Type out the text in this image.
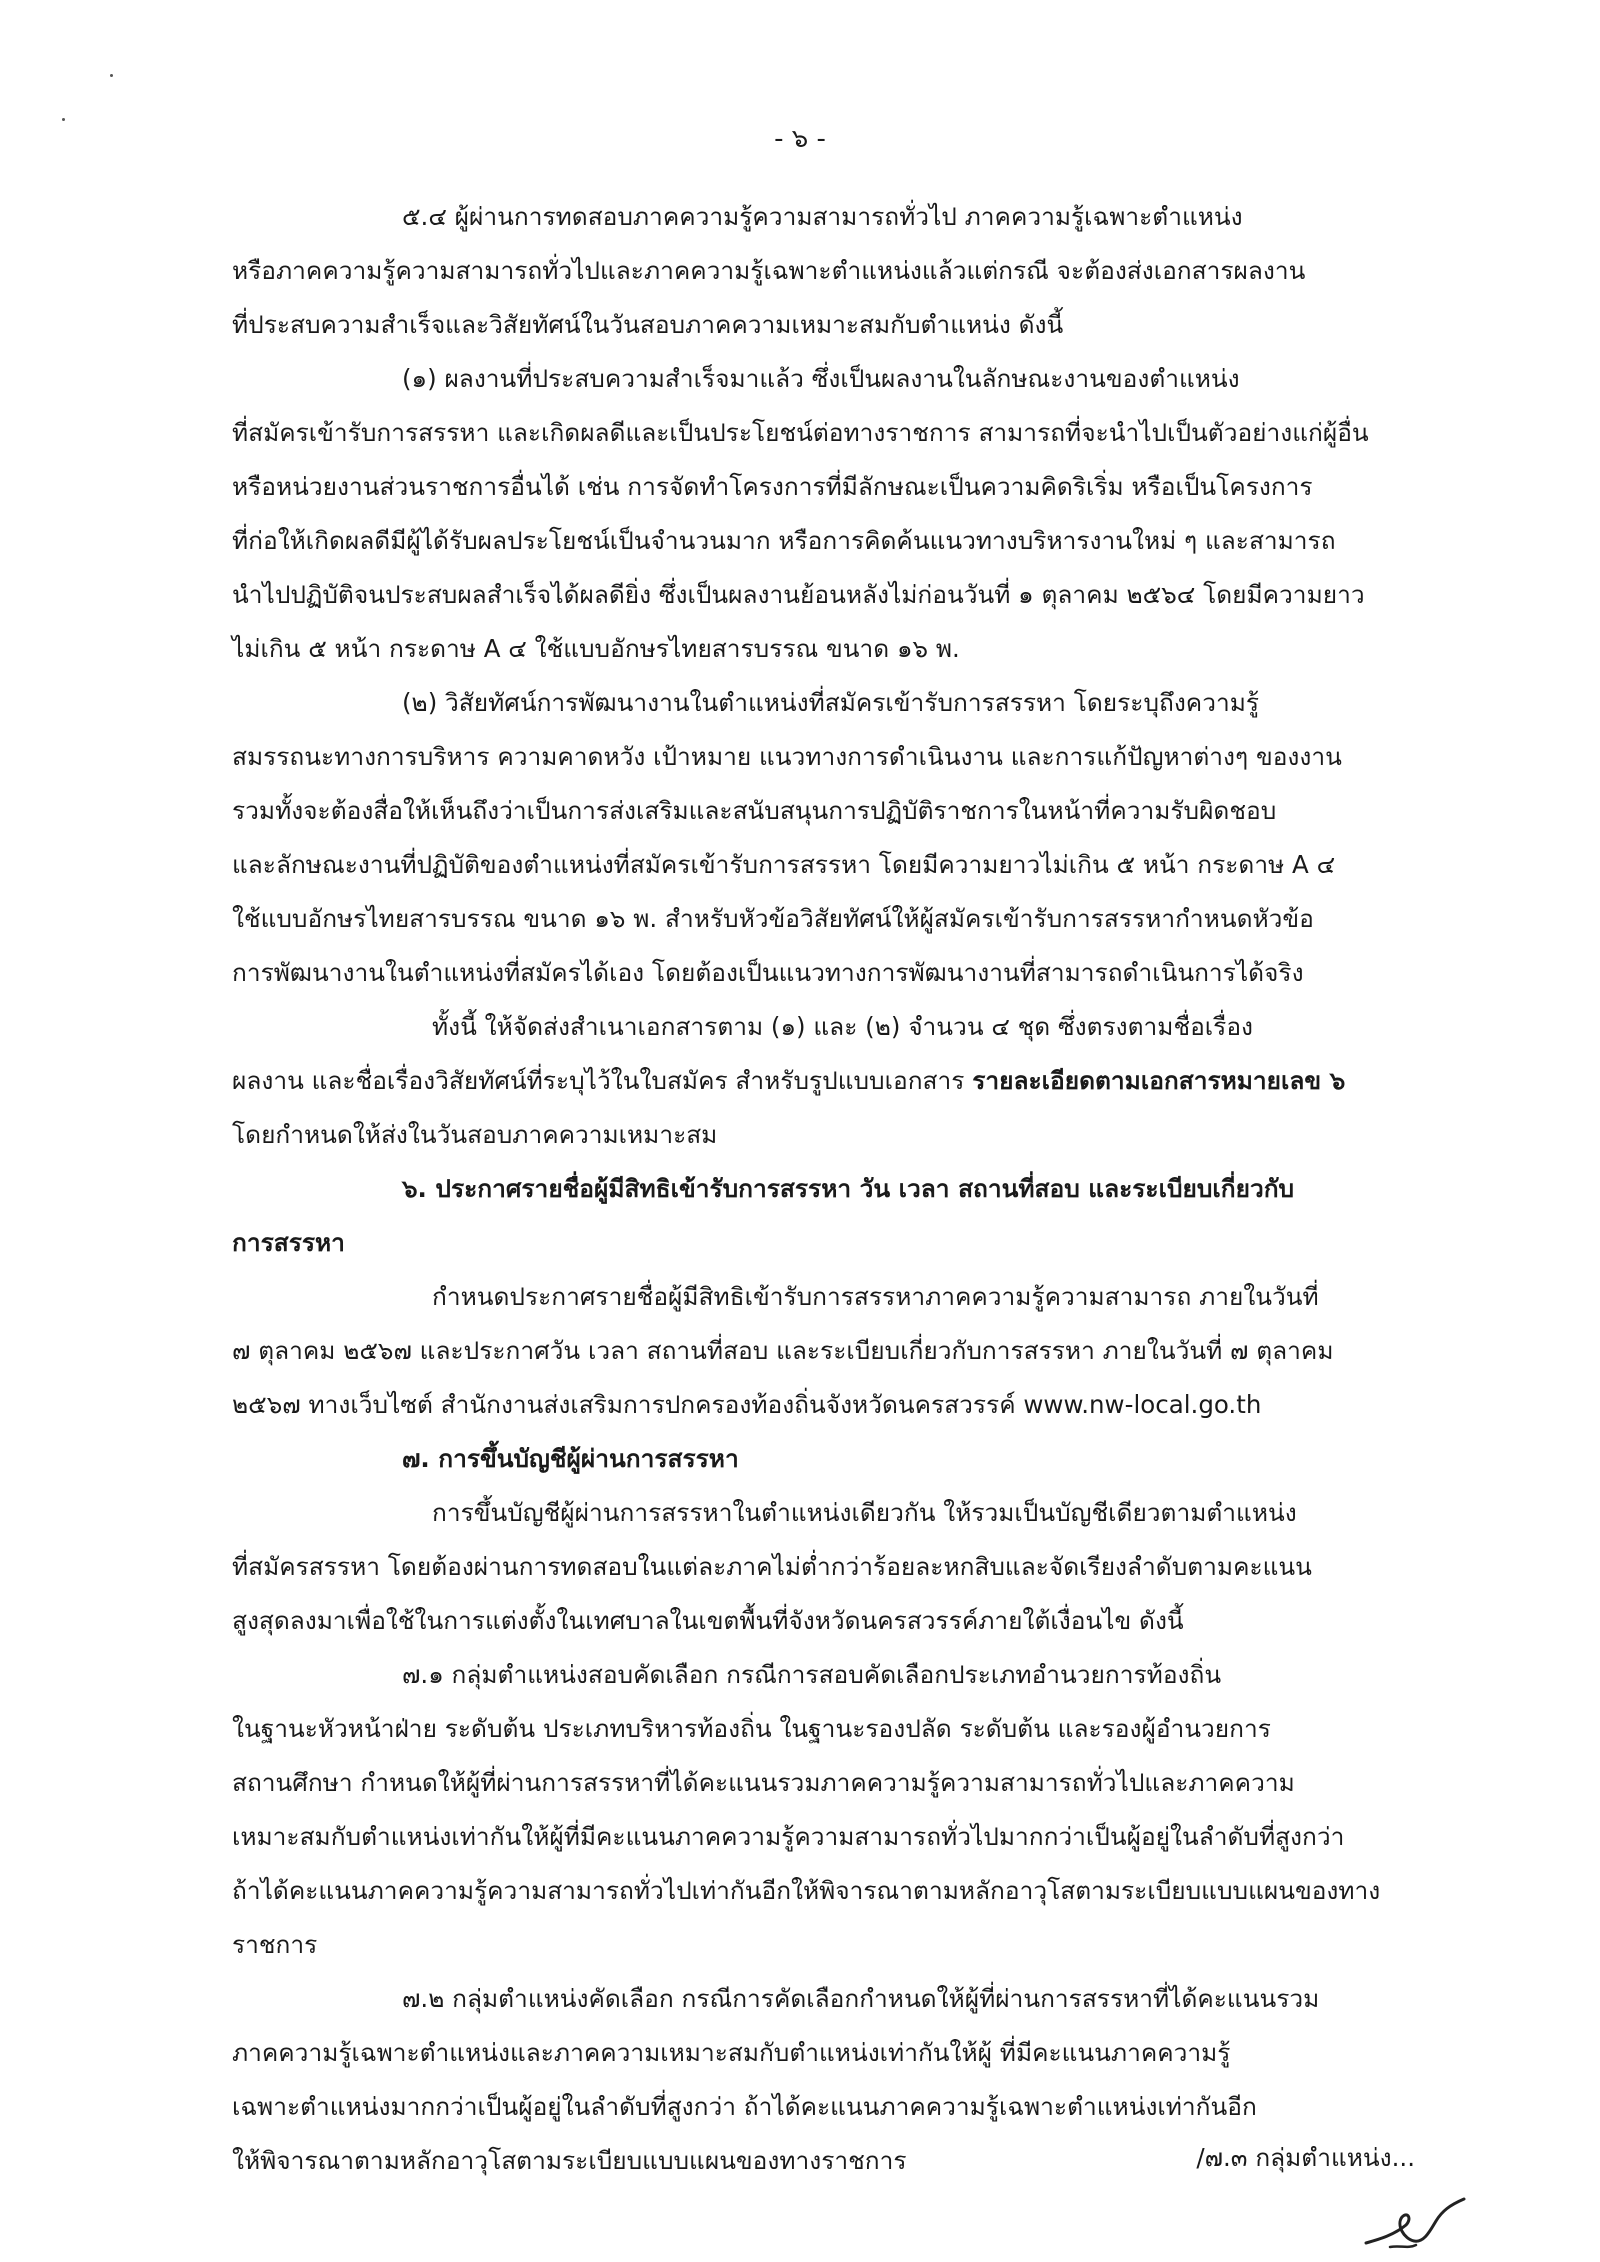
- ๖ -
๕.๔ ผู้ผ่านการทดสอบภาคความรู้ความสามารถทั่วไป ภาคความรู้เฉพาะตำแหน่ง
หรือภาคความรู้ความสามารถทั่วไปและภาคความรู้เฉพาะตำแหน่งแล้วแต่กรณี จะต้องส่งเอกสารผลงาน
ที่ประสบความสำเร็จและวิสัยทัศน์ในวันสอบภาคความเหมาะสมกับตำแหน่ง ดังนี้
(๑) ผลงานที่ประสบความสำเร็จมาแล้ว ซึ่งเป็นผลงานในลักษณะงานของตำแหน่ง
ที่สมัครเข้ารับการสรรหา และเกิดผลดีและเป็นประโยชน์ต่อทางราชการ สามารถที่จะนำไปเป็นตัวอย่างแก่ผู้อื่น
หรือหน่วยงานส่วนราชการอื่นได้ เช่น การจัดทำโครงการที่มีลักษณะเป็นความคิดริเริ่ม หรือเป็นโครงการ
ที่ก่อให้เกิดผลดีมีผู้ได้รับผลประโยชน์เป็นจำนวนมาก หรือการคิดค้นแนวทางบริหารงานใหม่ ๆ และสามารถ
นำไปปฏิบัติจนประสบผลสำเร็จได้ผลดียิ่ง ซึ่งเป็นผลงานย้อนหลังไม่ก่อนวันที่ ๑ ตุลาคม ๒๕๖๔ โดยมีความยาว
ไม่เกิน ๕ หน้า กระดาษ A ๔ ใช้แบบอักษรไทยสารบรรณ ขนาด ๑๖ พ.
(๒) วิสัยทัศน์การพัฒนางานในตำแหน่งที่สมัครเข้ารับการสรรหา โดยระบุถึงความรู้
สมรรถนะทางการบริหาร ความคาดหวัง เป้าหมาย แนวทางการดำเนินงาน และการแก้ปัญหาต่างๆ ของงาน
รวมทั้งจะต้องสื่อให้เห็นถึงว่าเป็นการส่งเสริมและสนับสนุนการปฏิบัติราชการในหน้าที่ความรับผิดชอบ
และลักษณะงานที่ปฏิบัติของตำแหน่งที่สมัครเข้ารับการสรรหา โดยมีความยาวไม่เกิน ๕ หน้า กระดาษ A ๔
ใช้แบบอักษรไทยสารบรรณ ขนาด ๑๖ พ. สำหรับหัวข้อวิสัยทัศน์ให้ผู้สมัครเข้ารับการสรรหากำหนดหัวข้อ
การพัฒนางานในตำแหน่งที่สมัครได้เอง โดยต้องเป็นแนวทางการพัฒนางานที่สามารถดำเนินการได้จริง
ทั้งนี้ ให้จัดส่งสำเนาเอกสารตาม (๑) และ (๒) จำนวน ๔ ชุด ซึ่งตรงตามชื่อเรื่อง
ผลงาน และชื่อเรื่องวิสัยทัศน์ที่ระบุไว้ในใบสมัคร สำหรับรูปแบบเอกสาร รายละเอียดตามเอกสารหมายเลข ๖
โดยกำหนดให้ส่งในวันสอบภาคความเหมาะสม
๖. ประกาศรายชื่อผู้มีสิทธิเข้ารับการสรรหา วัน เวลา สถานที่สอบ และระเบียบเกี่ยวกับ
การสรรหา
กำหนดประกาศรายชื่อผู้มีสิทธิเข้ารับการสรรหาภาคความรู้ความสามารถ ภายในวันที่
๗ ตุลาคม ๒๕๖๗ และประกาศวัน เวลา สถานที่สอบ และระเบียบเกี่ยวกับการสรรหา ภายในวันที่ ๗ ตุลาคม
๒๕๖๗ ทางเว็บไซต์ สำนักงานส่งเสริมการปกครองท้องถิ่นจังหวัดนครสวรรค์ www.nw-local.go.th
๗. การขึ้นบัญชีผู้ผ่านการสรรหา
การขึ้นบัญชีผู้ผ่านการสรรหาในตำแหน่งเดียวกัน ให้รวมเป็นบัญชีเดียวตามตำแหน่ง
ที่สมัครสรรหา โดยต้องผ่านการทดสอบในแต่ละภาคไม่ต่ำกว่าร้อยละหกสิบและจัดเรียงลำดับตามคะแนน
สูงสุดลงมาเพื่อใช้ในการแต่งตั้งในเทศบาลในเขตพื้นที่จังหวัดนครสวรรค์ภายใต้เงื่อนไข ดังนี้
๗.๑ กลุ่มตำแหน่งสอบคัดเลือก กรณีการสอบคัดเลือกประเภทอำนวยการท้องถิ่น
ในฐานะหัวหน้าฝ่าย ระดับต้น ประเภทบริหารท้องถิ่น ในฐานะรองปลัด ระดับต้น และรองผู้อำนวยการ
สถานศึกษา กำหนดให้ผู้ที่ผ่านการสรรหาที่ได้คะแนนรวมภาคความรู้ความสามารถทั่วไปและภาคความ
เหมาะสมกับตำแหน่งเท่ากันให้ผู้ที่มีคะแนนภาคความรู้ความสามารถทั่วไปมากกว่าเป็นผู้อยู่ในลำดับที่สูงกว่า
ถ้าได้คะแนนภาคความรู้ความสามารถทั่วไปเท่ากันอีกให้พิจารณาตามหลักอาวุโสตามระเบียบแบบแผนของทาง
ราชการ
๗.๒ กลุ่มตำแหน่งคัดเลือก กรณีการคัดเลือกกำหนดให้ผู้ที่ผ่านการสรรหาที่ได้คะแนนรวม
ภาคความรู้เฉพาะตำแหน่งและภาคความเหมาะสมกับตำแหน่งเท่ากันให้ผู้ ที่มีคะแนนภาคความรู้
เฉพาะตำแหน่งมากกว่าเป็นผู้อยู่ในลำดับที่สูงกว่า ถ้าได้คะแนนภาคความรู้เฉพาะตำแหน่งเท่ากันอีก
ให้พิจารณาตามหลักอาวุโสตามระเบียบแบบแผนของทางราชการ	/๗.๓ กลุ่มตำแหน่ง...
